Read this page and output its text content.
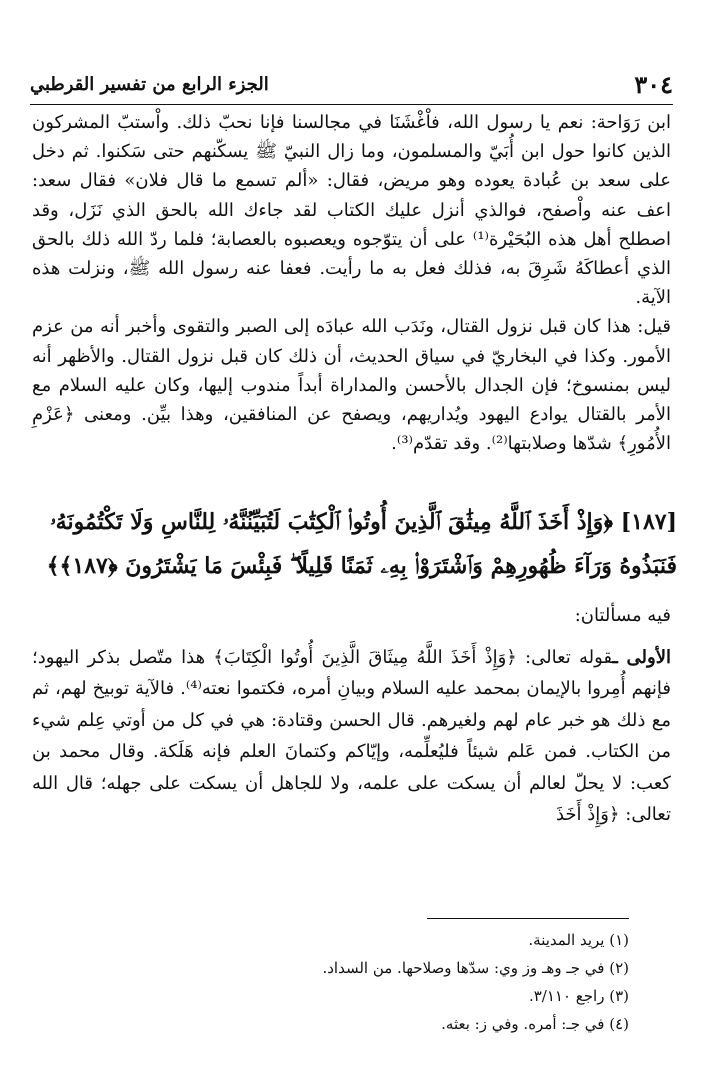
٣٠٤
الجزء الرابع من تفسير القرطبي

ابن رَوَاحة: نعم يا رسول الله، فاْغْشَنَا في مجالسنا فإنا نحبّ ذلك. واْستبّ المشركون الذين كانوا حول ابن أُبَيّ والمسلمون، وما زال النبيّ ﷺ يسكّنهم حتى سَكنوا. ثم دخل على سعد بن عُبادة يعوده وهو مريض، فقال: «ألم تسمع ما قال فلان» فقال سعد: اعف عنه واْصفح، فوالذي أنزل عليك الكتاب لقد جاءك الله بالحق الذي نَزَل، وقد اصطلح أهل هذه البُحَيْرة⁽¹⁾ على أن يتوّجوه ويعصبوه بالعصابة؛ فلما ردّ الله ذلك بالحق الذي أعطاكَهُ شَرِقَ به، فذلك فعل به ما رأيت. فعفا عنه رسول الله ﷺ، ونزلت هذه الآية.

قيل: هذا كان قبل نزول القتال، ونَدَب الله عبادَه إلى الصبر والتقوى وأخبر أنه من عزم الأمور. وكذا في البخاريّ في سياق الحديث، أن ذلك كان قبل نزول القتال. والأظهر أنه ليس بمنسوخ؛ فإن الجدال بالأحسن والمداراة أبداً مندوب إليها، وكان عليه السلام مع الأمر بالقتال يوادع اليهود ويُداريهم، ويصفح عن المنافقين، وهذا بيِّن. ومعنى ﴿عَزْمِ الأُمُورِ﴾ شدّها وصلابتها⁽²⁾. وقد تقدّم⁽³⁾.

[١٨٧] ﴿وَإِذْ أَخَذَ ٱللَّهُ مِيثَٰقَ ٱلَّذِينَ أُوتُوا۟ ٱلْكِتَٰبَ لَتُبَيِّنُنَّهُۥ لِلنَّاسِ وَلَا تَكْتُمُونَهُۥ فَنَبَذُوهُ وَرَآءَ ظُهُورِهِمْ وَٱشْتَرَوْا۟ بِهِۦ ثَمَنًا قَلِيلًا ۖ فَبِئْسَ مَا يَشْتَرُونَ ﴿١٨٧﴾﴾

فيه مسألتان:

الأولى ـقوله تعالى: ﴿وَإِذْ أَخَذَ اللَّهُ مِيثَاقَ الَّذِينَ أُوتُوا الْكِتَابَ﴾ هذا متّصل بذكر اليهود؛ فإنهم أُمِروا بالإيمان بمحمد عليه السلام وبيانِ أمره، فكتموا نعته⁽⁴⁾. فالآية توبيخ لهم، ثم مع ذلك هو خبر عام لهم ولغيرهم. قال الحسن وقتادة: هي في كل من أوتي عِلم شيء من الكتاب. فمن عَلم شيئاً فليُعلِّمه، وإيّاكم وكتمانَ العلم فإنه هَلَكة. وقال محمد بن كعب: لا يحلّ لعالم أن يسكت على علمه، ولا للجاهل أن يسكت على جهله؛ قال الله تعالى: ﴿وَإِذْ أَخَذَ

(١) يريد المدينة.
(٢) في جـ وهـ وز وي: سدّها وصلاحها. من السداد.
(٣) راجع ٣/١١٠.
(٤) في جـ: أمره. وفي ز: بعثه.
